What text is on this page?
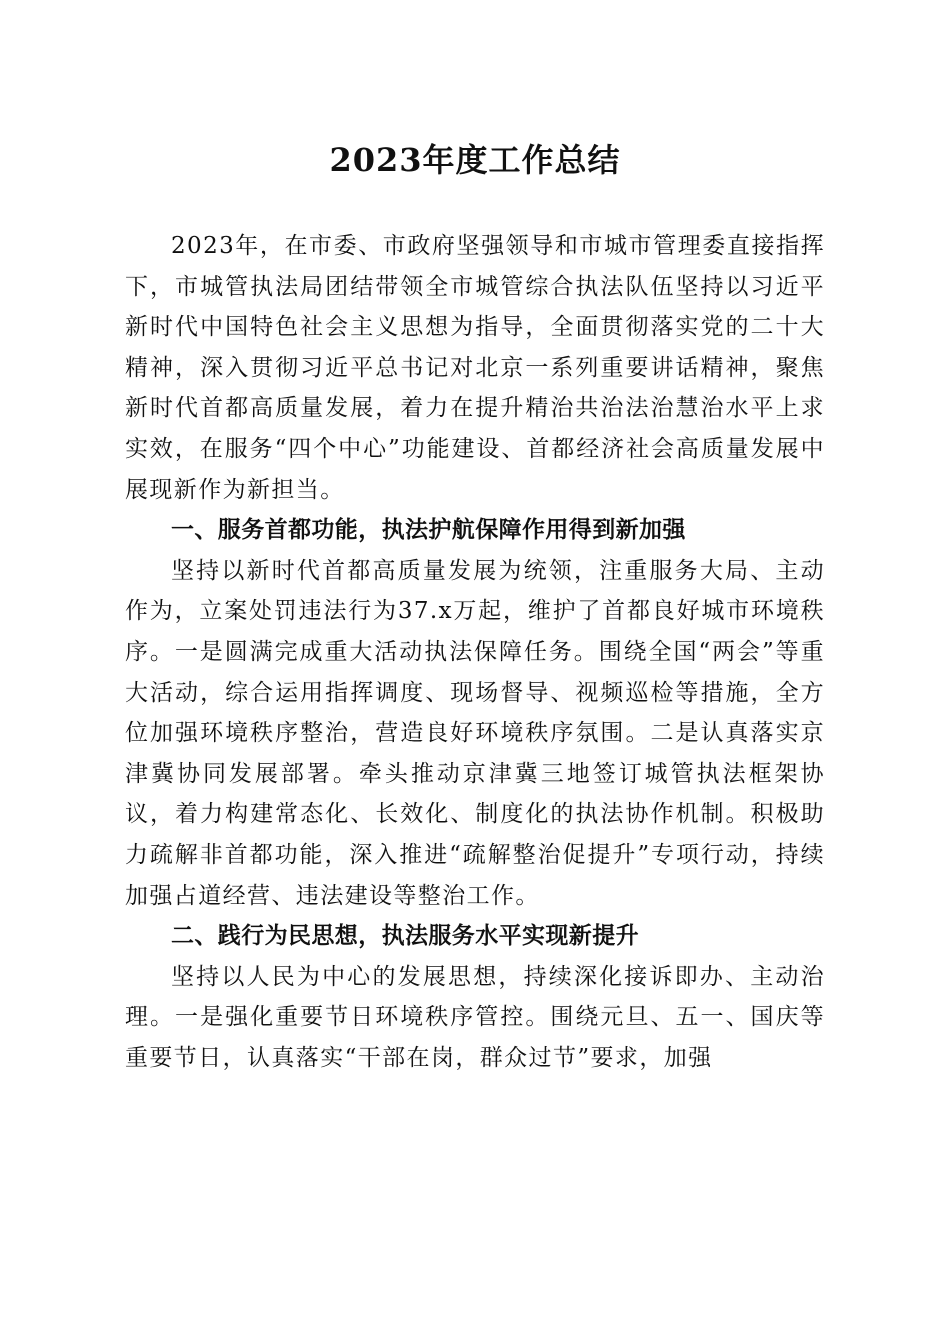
2023年度工作总结

2023年，在市委、市政府坚强领导和市城市管理委直接指挥下，市城管执法局团结带领全市城管综合执法队伍坚持以习近平新时代中国特色社会主义思想为指导，全面贯彻落实党的二十大精神，深入贯彻习近平总书记对北京一系列重要讲话精神，聚焦新时代首都高质量发展，着力在提升精治共治法治慧治水平上求实效，在服务“四个中心”功能建设、首都经济社会高质量发展中展现新作为新担当。

一、服务首都功能，执法护航保障作用得到新加强

坚持以新时代首都高质量发展为统领，注重服务大局、主动作为，立案处罚违法行为37.x万起，维护了首都良好城市环境秩序。一是圆满完成重大活动执法保障任务。围绕全国“两会”等重大活动，综合运用指挥调度、现场督导、视频巡检等措施，全方位加强环境秩序整治，营造良好环境秩序氛围。二是认真落实京津冀协同发展部署。牵头推动京津冀三地签订城管执法框架协议，着力构建常态化、长效化、制度化的执法协作机制。积极助力疏解非首都功能，深入推进“疏解整治促提升”专项行动，持续加强占道经营、违法建设等整治工作。

二、践行为民思想，执法服务水平实现新提升

坚持以人民为中心的发展思想，持续深化接诉即办、主动治理。一是强化重要节日环境秩序管控。围绕元旦、五一、国庆等重要节日，认真落实“干部在岗，群众过节”要求，加强
